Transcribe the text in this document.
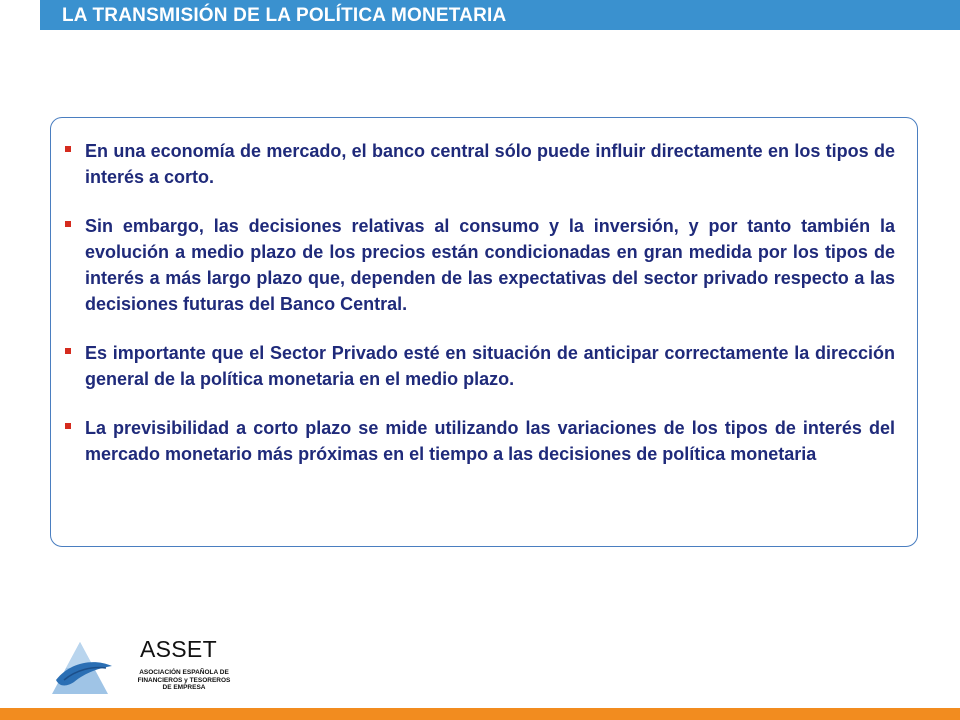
LA TRANSMISIÓN DE LA POLÍTICA MONETARIA
En una economía de mercado, el banco central sólo puede influir directamente en los tipos de interés a corto.
Sin embargo, las decisiones relativas al consumo y la inversión, y por tanto también la evolución a medio plazo de los precios están condicionadas en gran medida por los tipos de interés a más largo plazo que, dependen de las expectativas del sector privado respecto a las decisiones futuras del Banco Central.
Es importante que el Sector Privado esté en situación de anticipar correctamente la dirección general de la política monetaria en el medio plazo.
La previsibilidad a corto plazo se mide utilizando las variaciones de los tipos de interés del mercado monetario más próximas en el tiempo a las decisiones de política monetaria
ASSET
ASOCIACIÓN ESPAÑOLA DE
FINANCIEROS y TESOREROS
DE EMPRESA
